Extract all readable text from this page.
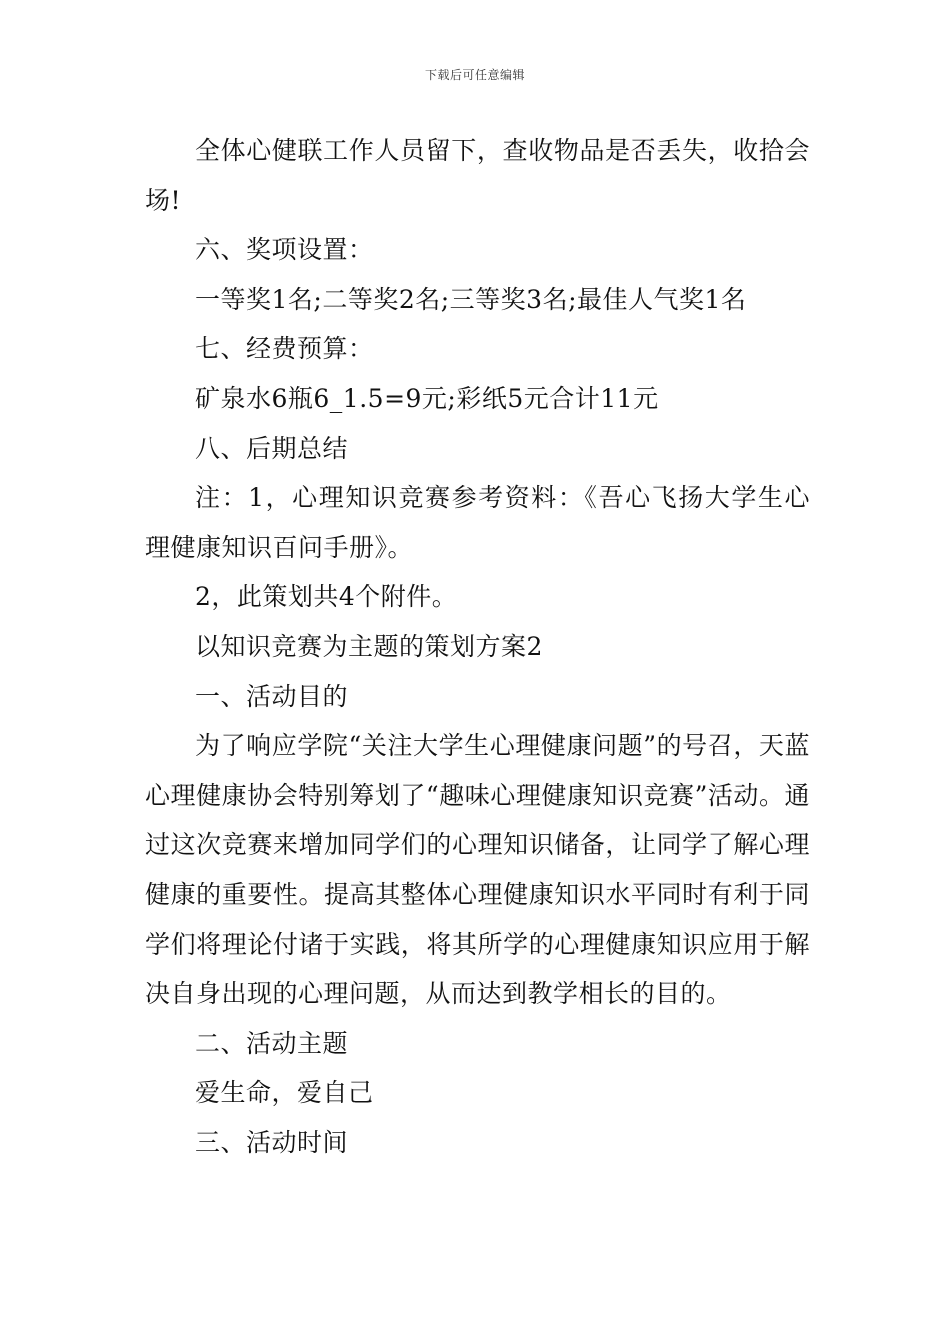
下载后可任意编辑

全体心健联工作人员留下，查收物品是否丢失，收拾会场!

六、奖项设置：

一等奖1名;二等奖2名;三等奖3名;最佳人气奖1名

七、经费预算：

矿泉水6瓶6_1.5=9元;彩纸5元合计11元

八、后期总结

注：1，心理知识竞赛参考资料：《吾心飞扬大学生心理健康知识百问手册》。

2，此策划共4个附件。

以知识竞赛为主题的策划方案2

一、活动目的

为了响应学院“关注大学生心理健康问题”的号召，天蓝心理健康协会特别筹划了“趣味心理健康知识竞赛”活动。通过这次竞赛来增加同学们的心理知识储备，让同学了解心理健康的重要性。提高其整体心理健康知识水平同时有利于同学们将理论付诸于实践，将其所学的心理健康知识应用于解决自身出现的心理问题，从而达到教学相长的目的。

二、活动主题

爱生命，爱自己

三、活动时间
